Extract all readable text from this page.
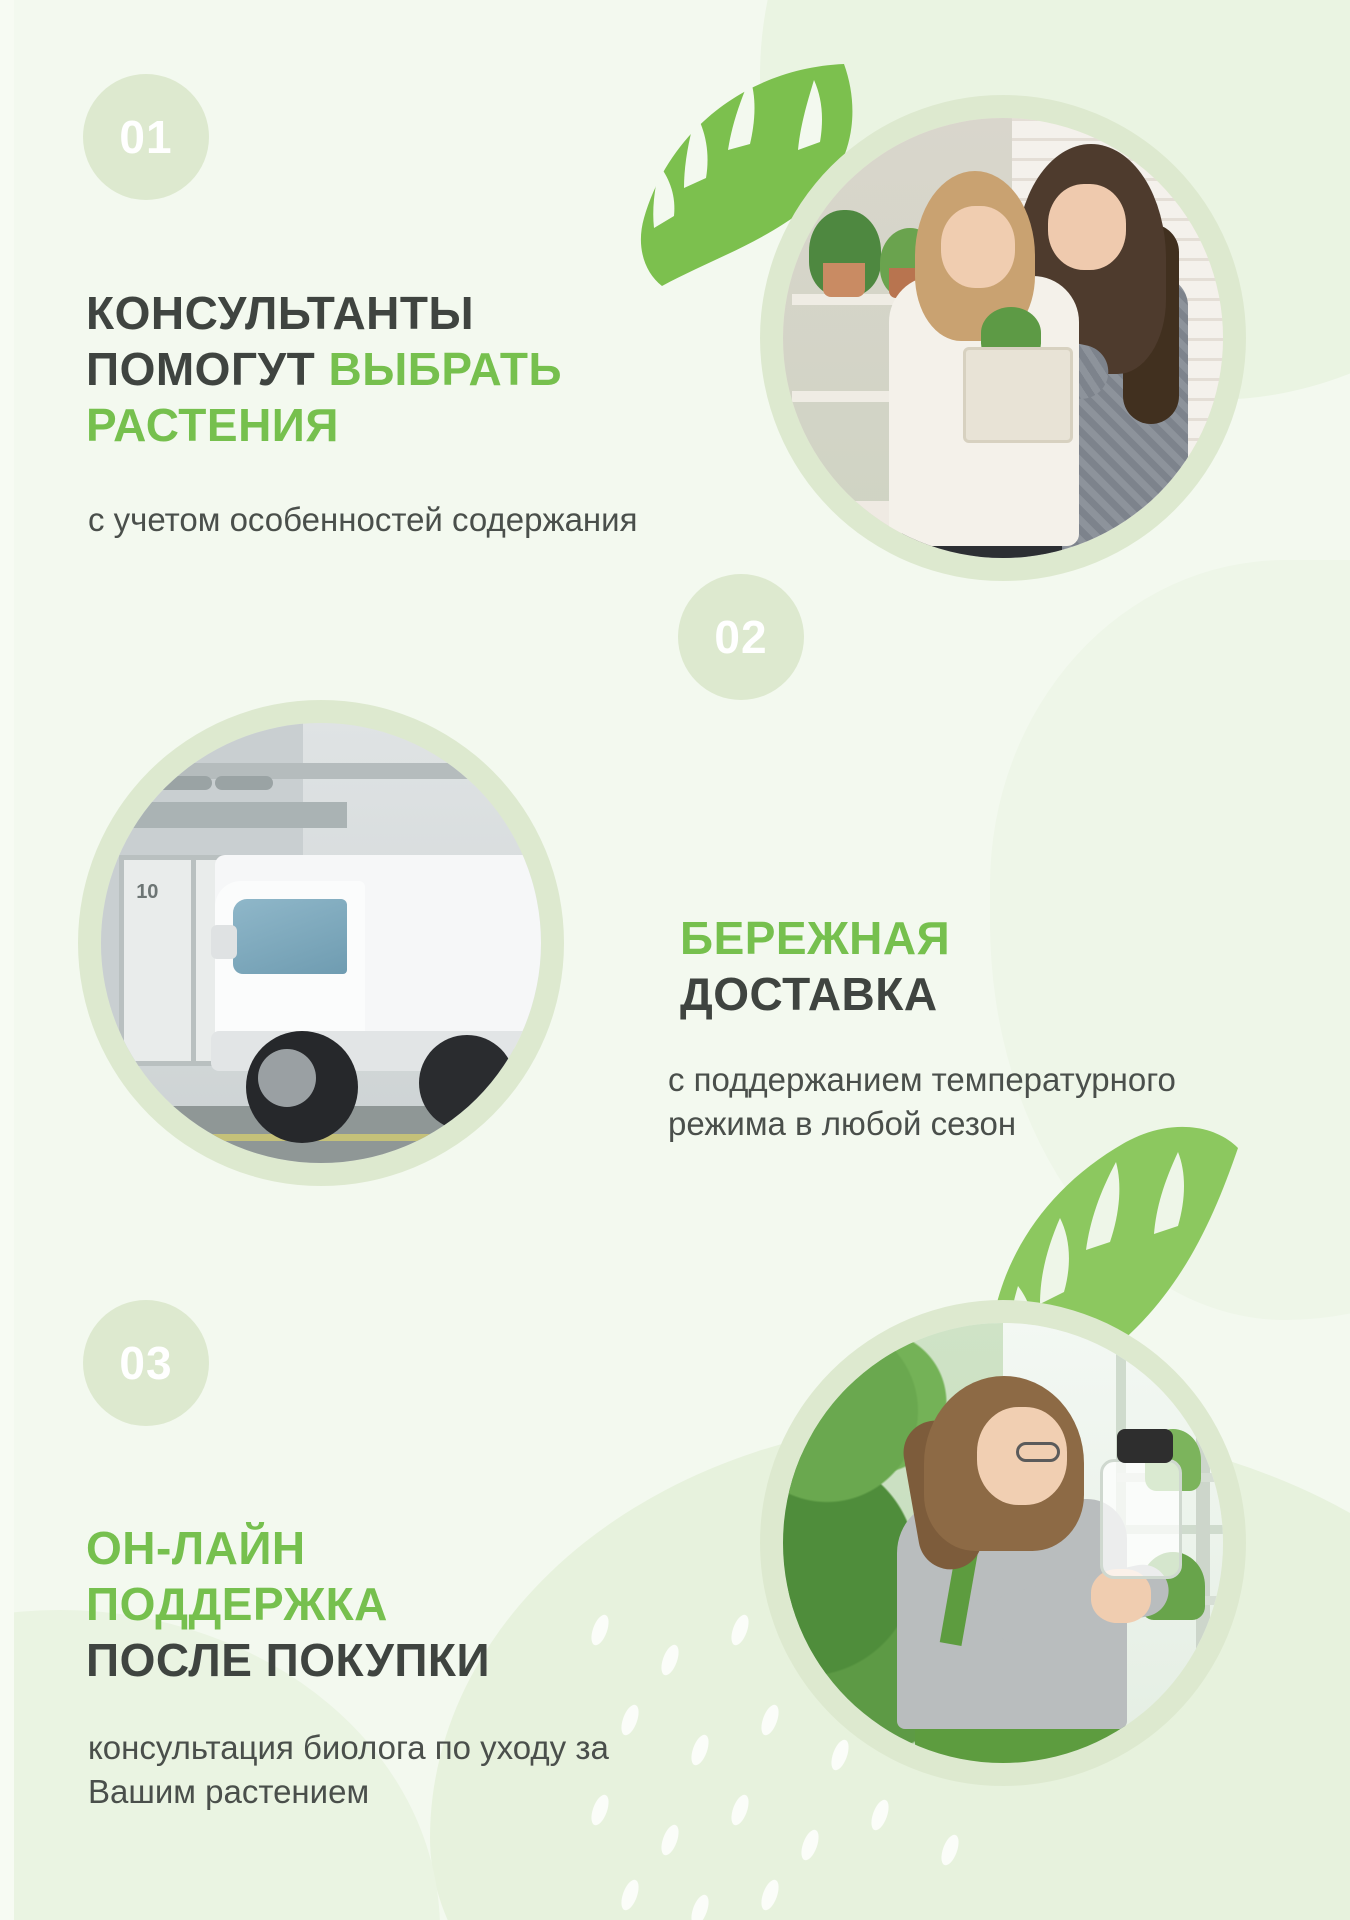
01
КОНСУЛЬТАНТЫ
ПОМОГУТ ВЫБРАТЬ
РАСТЕНИЯ

с учетом особенностей содержания

02
10
БЕРЕЖНАЯ
ДОСТАВКА

с поддержанием температурного режима в любой сезон

03
ОН-ЛАЙН
ПОДДЕРЖКА
ПОСЛЕ ПОКУПКИ

консультация биолога по уходу за Вашим растением
